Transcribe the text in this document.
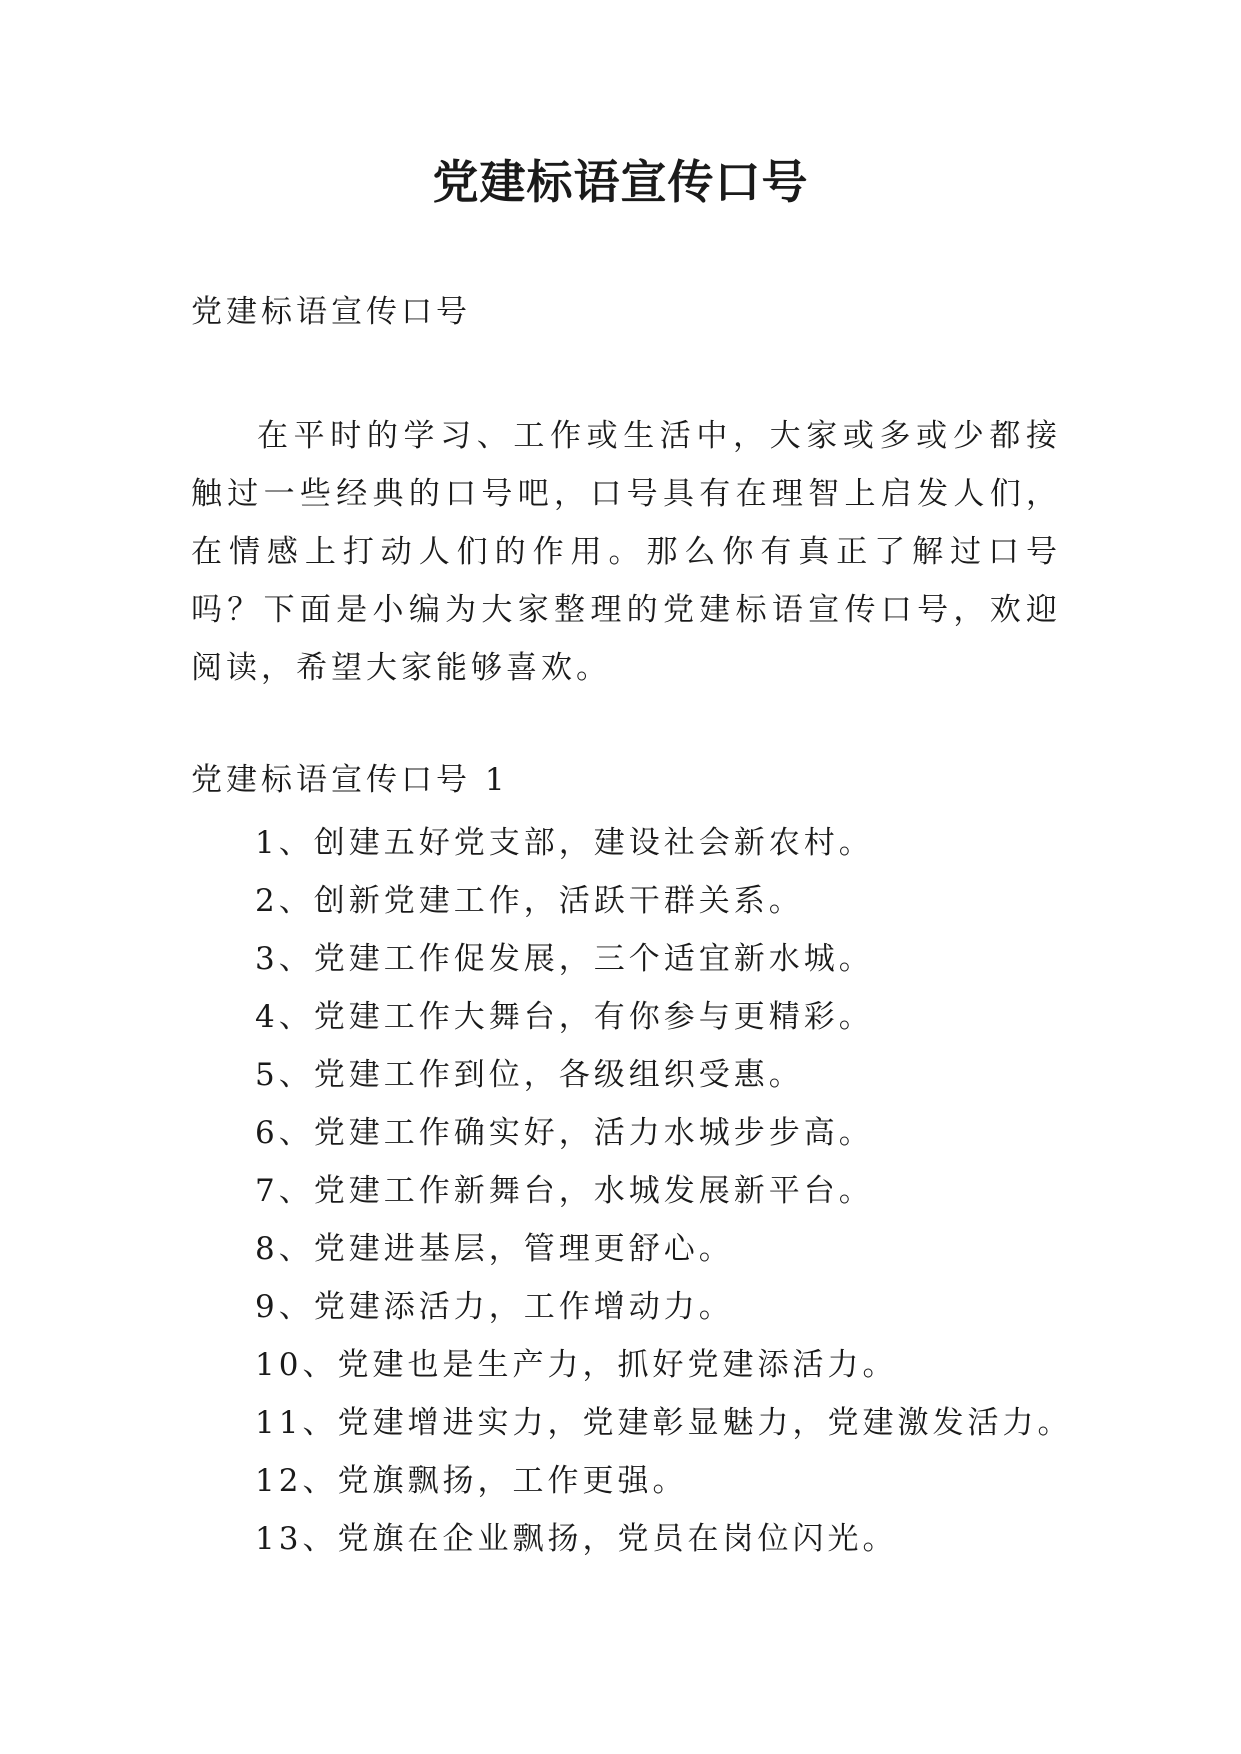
党建标语宣传口号

党建标语宣传口号

在平时的学习、工作或生活中，大家或多或少都接触过一些经典的口号吧，口号具有在理智上启发人们，在情感上打动人们的作用。那么你有真正了解过口号吗？下面是小编为大家整理的党建标语宣传口号，欢迎阅读，希望大家能够喜欢。

党建标语宣传口号 1

1、创建五好党支部，建设社会新农村。
2、创新党建工作，活跃干群关系。
3、党建工作促发展，三个适宜新水城。
4、党建工作大舞台，有你参与更精彩。
5、党建工作到位，各级组织受惠。
6、党建工作确实好，活力水城步步高。
7、党建工作新舞台，水城发展新平台。
8、党建进基层，管理更舒心。
9、党建添活力，工作增动力。
10、党建也是生产力，抓好党建添活力。
11、党建增进实力，党建彰显魅力，党建激发活力。
12、党旗飘扬，工作更强。
13、党旗在企业飘扬，党员在岗位闪光。
